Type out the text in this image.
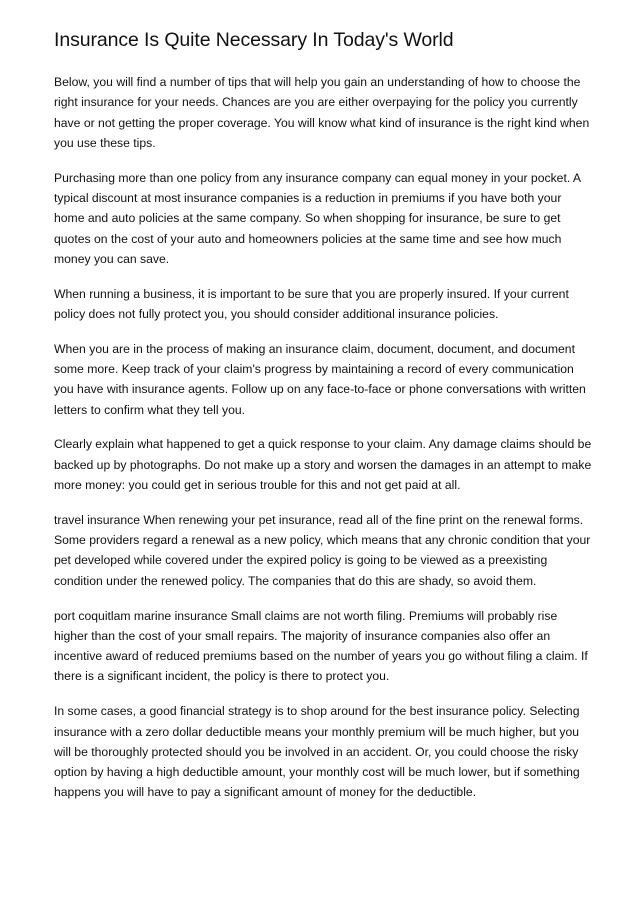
Insurance Is Quite Necessary In Today's World

Below, you will find a number of tips that will help you gain an understanding of how to choose the right insurance for your needs. Chances are you are either overpaying for the policy you currently have or not getting the proper coverage. You will know what kind of insurance is the right kind when you use these tips.

Purchasing more than one policy from any insurance company can equal money in your pocket. A typical discount at most insurance companies is a reduction in premiums if you have both your home and auto policies at the same company. So when shopping for insurance, be sure to get quotes on the cost of your auto and homeowners policies at the same time and see how much money you can save.

When running a business, it is important to be sure that you are properly insured. If your current policy does not fully protect you, you should consider additional insurance policies.

When you are in the process of making an insurance claim, document, document, and document some more. Keep track of your claim's progress by maintaining a record of every communication you have with insurance agents. Follow up on any face-to-face or phone conversations with written letters to confirm what they tell you.

Clearly explain what happened to get a quick response to your claim. Any damage claims should be backed up by photographs. Do not make up a story and worsen the damages in an attempt to make more money: you could get in serious trouble for this and not get paid at all.

travel insurance When renewing your pet insurance, read all of the fine print on the renewal forms. Some providers regard a renewal as a new policy, which means that any chronic condition that your pet developed while covered under the expired policy is going to be viewed as a preexisting condition under the renewed policy. The companies that do this are shady, so avoid them.

port coquitlam marine insurance Small claims are not worth filing. Premiums will probably rise higher than the cost of your small repairs. The majority of insurance companies also offer an incentive award of reduced premiums based on the number of years you go without filing a claim. If there is a significant incident, the policy is there to protect you.

In some cases, a good financial strategy is to shop around for the best insurance policy. Selecting insurance with a zero dollar deductible means your monthly premium will be much higher, but you will be thoroughly protected should you be involved in an accident. Or, you could choose the risky option by having a high deductible amount, your monthly cost will be much lower, but if something happens you will have to pay a significant amount of money for the deductible.
